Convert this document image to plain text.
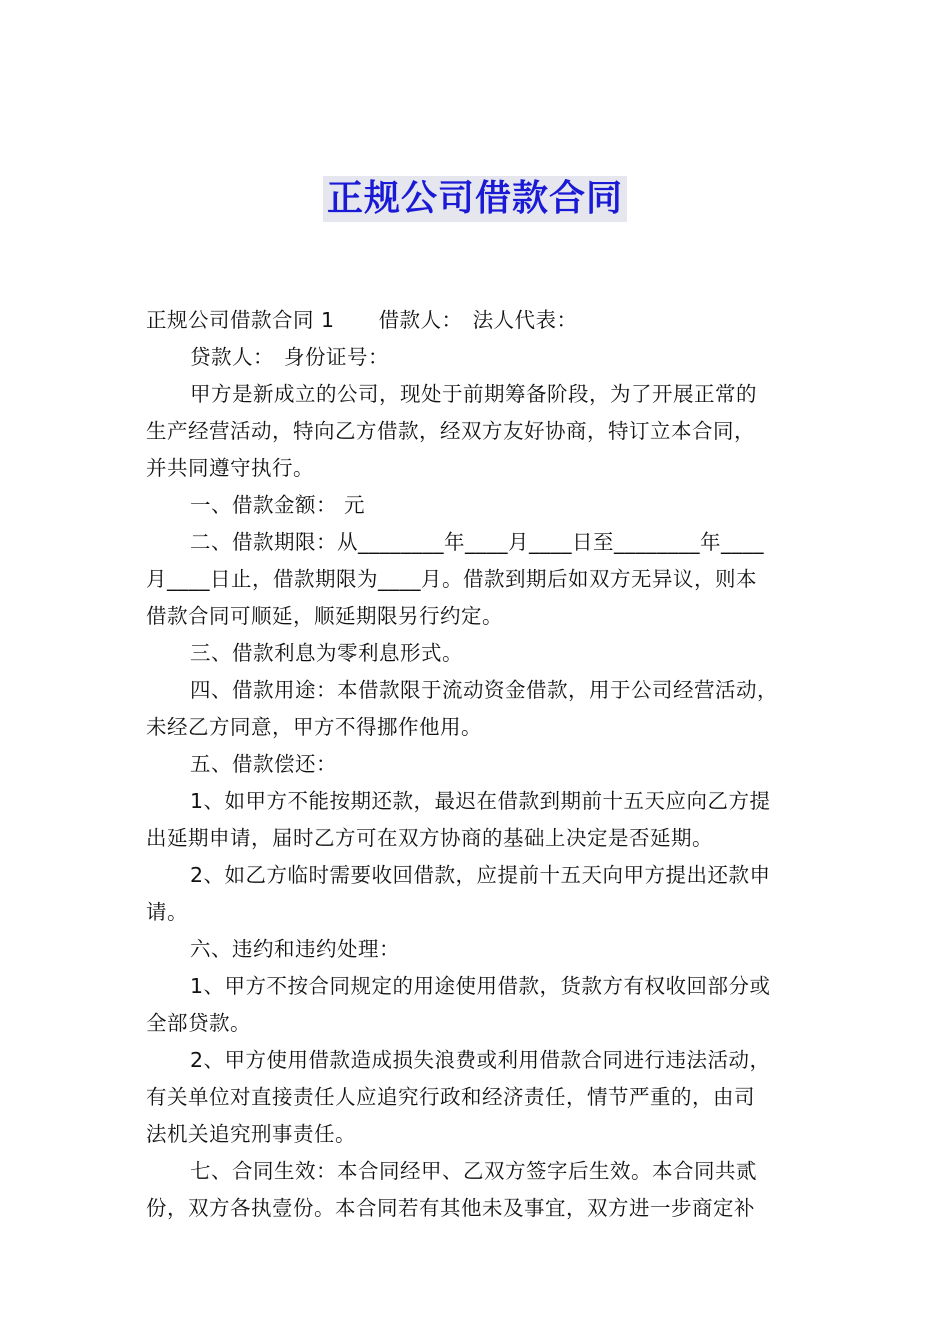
正规公司借款合同
正规公司借款合同 1 借款人： 法人代表：
贷款人： 身份证号：
甲方是新成立的公司，现处于前期筹备阶段，为了开展正常的
生产经营活动，特向乙方借款，经双方友好协商，特订立本合同，
并共同遵守执行。
一、借款金额： 元
二、借款期限：从________年____月____日至________年____
月____日止，借款期限为____月。借款到期后如双方无异议，则本
借款合同可顺延，顺延期限另行约定。
三、借款利息为零利息形式。
四、借款用途：本借款限于流动资金借款，用于公司经营活动，
未经乙方同意，甲方不得挪作他用。
五、借款偿还：
1、如甲方不能按期还款，最迟在借款到期前十五天应向乙方提
出延期申请，届时乙方可在双方协商的基础上决定是否延期。
2、如乙方临时需要收回借款，应提前十五天向甲方提出还款申
请。
六、违约和违约处理：
1、甲方不按合同规定的用途使用借款，货款方有权收回部分或
全部贷款。
2、甲方使用借款造成损失浪费或利用借款合同进行违法活动，
有关单位对直接责任人应追究行政和经济责任，情节严重的，由司
法机关追究刑事责任。
七、合同生效：本合同经甲、乙双方签字后生效。本合同共贰
份，双方各执壹份。本合同若有其他未及事宜，双方进一步商定补
